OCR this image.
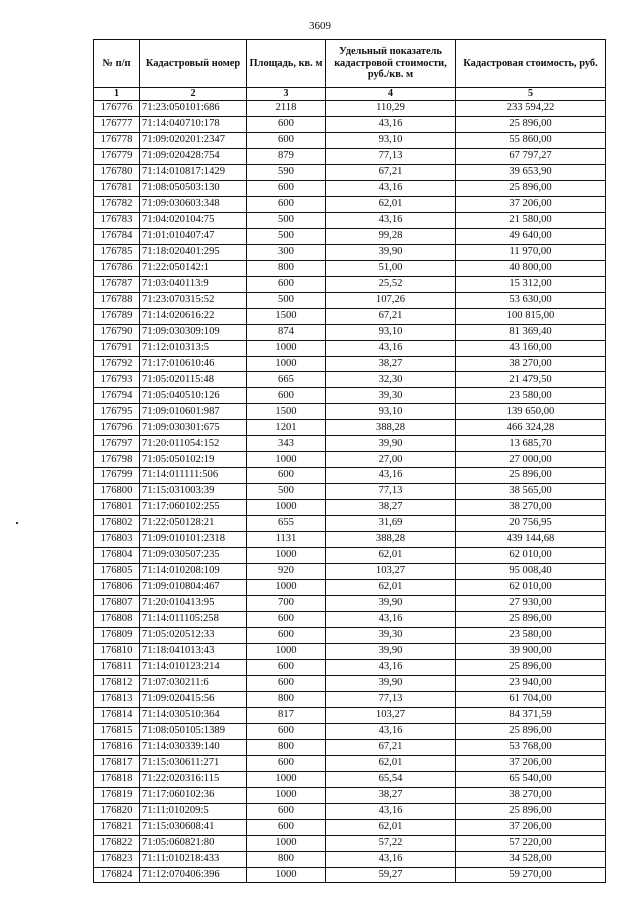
3609
№ п/п	Кадастровый номер	Площадь, кв. м	Удельный показатель кадастровой стоимости, руб./кв. м	Кадастровая стоимость, руб.
1	2	3	4	5
176776	71:23:050101:686	2118	110,29	233 594,22
176777	71:14:040710:178	600	43,16	25 896,00
176778	71:09:020201:2347	600	93,10	55 860,00
176779	71:09:020428:754	879	77,13	67 797,27
176780	71:14:010817:1429	590	67,21	39 653,90
176781	71:08:050503:130	600	43,16	25 896,00
176782	71:09:030603:348	600	62,01	37 206,00
176783	71:04:020104:75	500	43,16	21 580,00
176784	71:01:010407:47	500	99,28	49 640,00
176785	71:18:020401:295	300	39,90	11 970,00
176786	71:22:050142:1	800	51,00	40 800,00
176787	71:03:040113:9	600	25,52	15 312,00
176788	71:23:070315:52	500	107,26	53 630,00
176789	71:14:020616:22	1500	67,21	100 815,00
176790	71:09:030309:109	874	93,10	81 369,40
176791	71:12:010313:5	1000	43,16	43 160,00
176792	71:17:010610:46	1000	38,27	38 270,00
176793	71:05:020115:48	665	32,30	21 479,50
176794	71:05:040510:126	600	39,30	23 580,00
176795	71:09:010601:987	1500	93,10	139 650,00
176796	71:09:030301:675	1201	388,28	466 324,28
176797	71:20:011054:152	343	39,90	13 685,70
176798	71:05:050102:19	1000	27,00	27 000,00
176799	71:14:011111:506	600	43,16	25 896,00
176800	71:15:031003:39	500	77,13	38 565,00
176801	71:17:060102:255	1000	38,27	38 270,00
176802	71:22:050128:21	655	31,69	20 756,95
176803	71:09:010101:2318	1131	388,28	439 144,68
176804	71:09:030507:235	1000	62,01	62 010,00
176805	71:14:010208:109	920	103,27	95 008,40
176806	71:09:010804:467	1000	62,01	62 010,00
176807	71:20:010413:95	700	39,90	27 930,00
176808	71:14:011105:258	600	43,16	25 896,00
176809	71:05:020512:33	600	39,30	23 580,00
176810	71:18:041013:43	1000	39,90	39 900,00
176811	71:14:010123:214	600	43,16	25 896,00
176812	71:07:030211:6	600	39,90	23 940,00
176813	71:09:020415:56	800	77,13	61 704,00
176814	71:14:030510:364	817	103,27	84 371,59
176815	71:08:050105:1389	600	43,16	25 896,00
176816	71:14:030339:140	800	67,21	53 768,00
176817	71:15:030611:271	600	62,01	37 206,00
176818	71:22:020316:115	1000	65,54	65 540,00
176819	71:17:060102:36	1000	38,27	38 270,00
176820	71:11:010209:5	600	43,16	25 896,00
176821	71:15:030608:41	600	62,01	37 206,00
176822	71:05:060821:80	1000	57,22	57 220,00
176823	71:11:010218:433	800	43,16	34 528,00
176824	71:12:070406:396	1000	59,27	59 270,00
